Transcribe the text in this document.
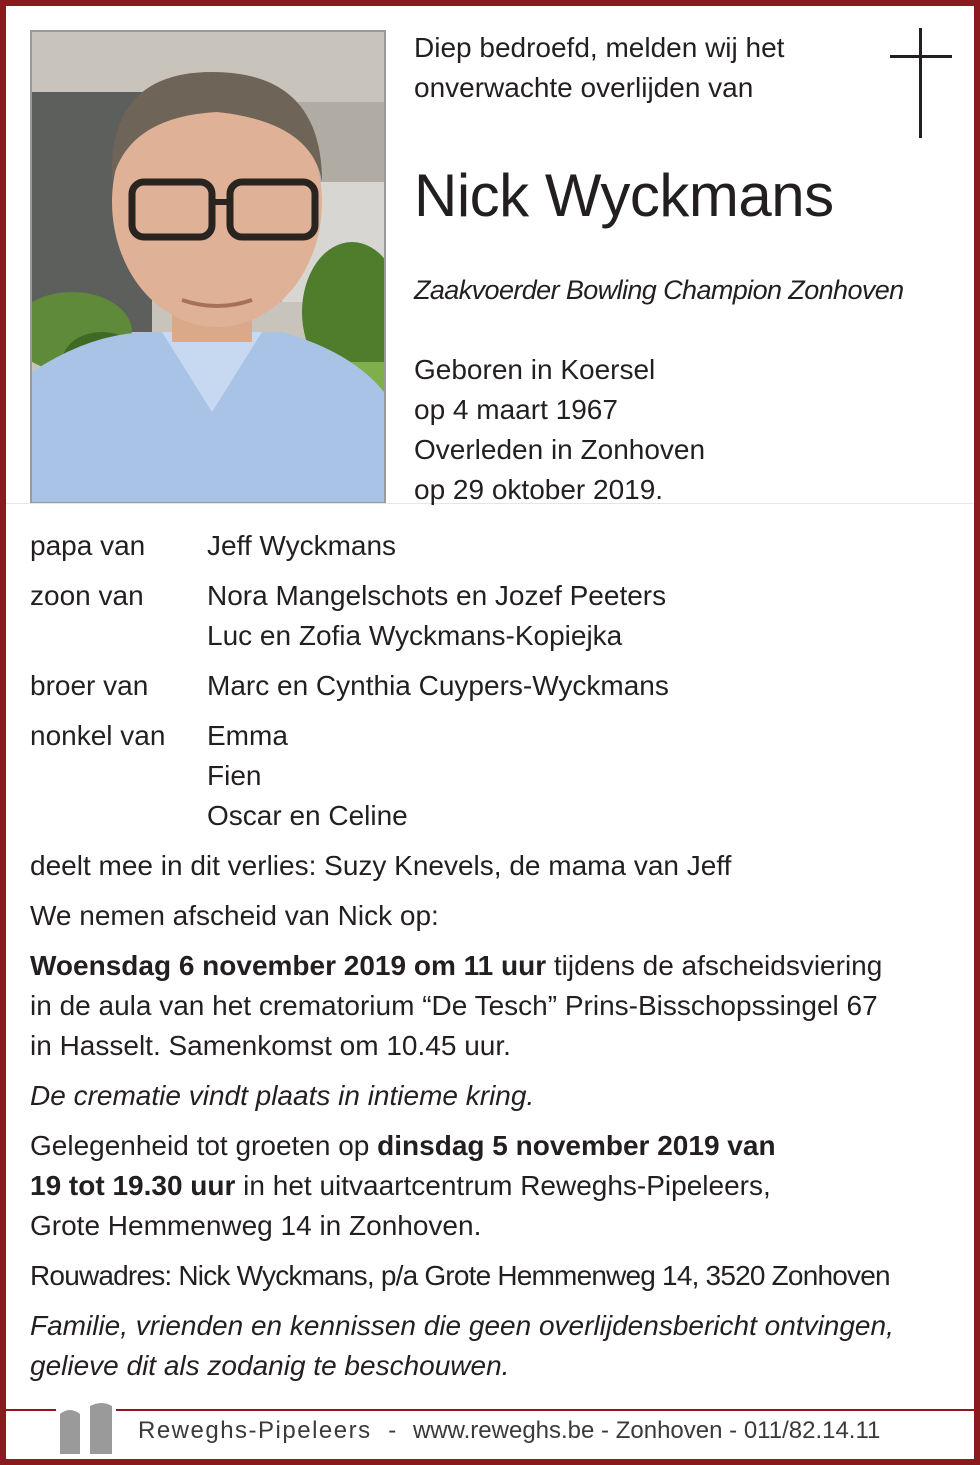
Diep bedroefd, melden wij het
onverwachte overlijden van
Nick Wyckmans

Zaakvoerder Bowling Champion Zonhoven

Geboren in Koersel
op 4 maart 1967
Overleden in Zonhoven
op 29 oktober 2019.
papa van	Jeff Wyckmans
zoon van	Nora Mangelschots en Jozef Peeters
Luc en Zofia Wyckmans-Kopiejka
broer van	Marc en Cynthia Cuypers-Wyckmans
nonkel van	Emma
Fien
Oscar en Celine

deelt mee in dit verlies: Suzy Knevels, de mama van Jeff

We nemen afscheid van Nick op:

Woensdag 6 november 2019 om 11 uur tijdens de afscheidsviering
in de aula van het crematorium “De Tesch” Prins-Bisschopssingel 67
in Hasselt. Samenkomst om 10.45 uur.

De crematie vindt plaats in intieme kring.

Gelegenheid tot groeten op dinsdag 5 november 2019 van
19 tot 19.30 uur in het uitvaartcentrum Reweghs-Pipeleers,
Grote Hemmenweg 14 in Zonhoven.

Rouwadres: Nick Wyckmans, p/a Grote Hemmenweg 14, 3520 Zonhoven

Familie, vrienden en kennissen die geen overlijdensbericht ontvingen,
gelieve dit als zodanig te beschouwen.

Reweghs-Pipeleers - www.reweghs.be - Zonhoven - 011/82.14.11
